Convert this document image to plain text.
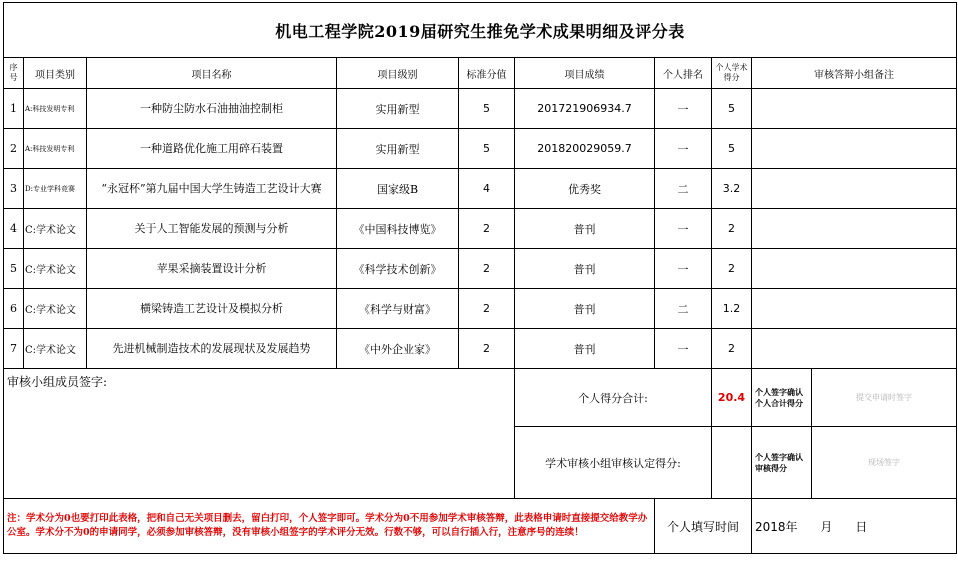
机电工程学院2019届研究生推免学术成果明细及评分表									
序号	项目类别	项目名称	项目级别	标准分值	项目成绩	个人排名	个人学术得分	审核答辩小组备注	
1	A:科技发明专利	一种防尘防水石油抽油控制柜	实用新型	5	201721906934.7	一	5		
2	A:科技发明专利	一种道路优化施工用碎石装置	实用新型	5	201820029059.7	一	5		
3	D:专业学科竞赛	“永冠杯”第九届中国大学生铸造工艺设计大赛	国家级B	4	优秀奖	二	3.2		
4	C:学术论文	关于人工智能发展的预测与分析	《中国科技博览》	2	普刊	一	2		
5	C:学术论文	苹果采摘装置设计分析	《科学技术创新》	2	普刊	一	2		
6	C:学术论文	横梁铸造工艺设计及模拟分析	《科学与财富》	2	普刊	二	1.2		
7	C:学术论文	先进机械制造技术的发展现状及发展趋势	《中外企业家》	2	普刊	一	2		
审核小组成员签字:					个人得分合计:		20.4	个人签字确认个人合计得分	提交申请时签字
					学术审核小组审核认定得分:			个人签字确认审核得分	现场签字
注：学术分为0也要打印此表格，把和自己无关项目删去，留白打印，个人签字即可。学术分为0不用参加学术审核答辩，此表格申请时直接提交给教学办公室。学术分不为0的申请同学，必须参加审核答辩，没有审核小组签字的学术评分无效。行数不够，可以自行插入行，注意序号的连续！						个人填写时间		2018年      月      日	
